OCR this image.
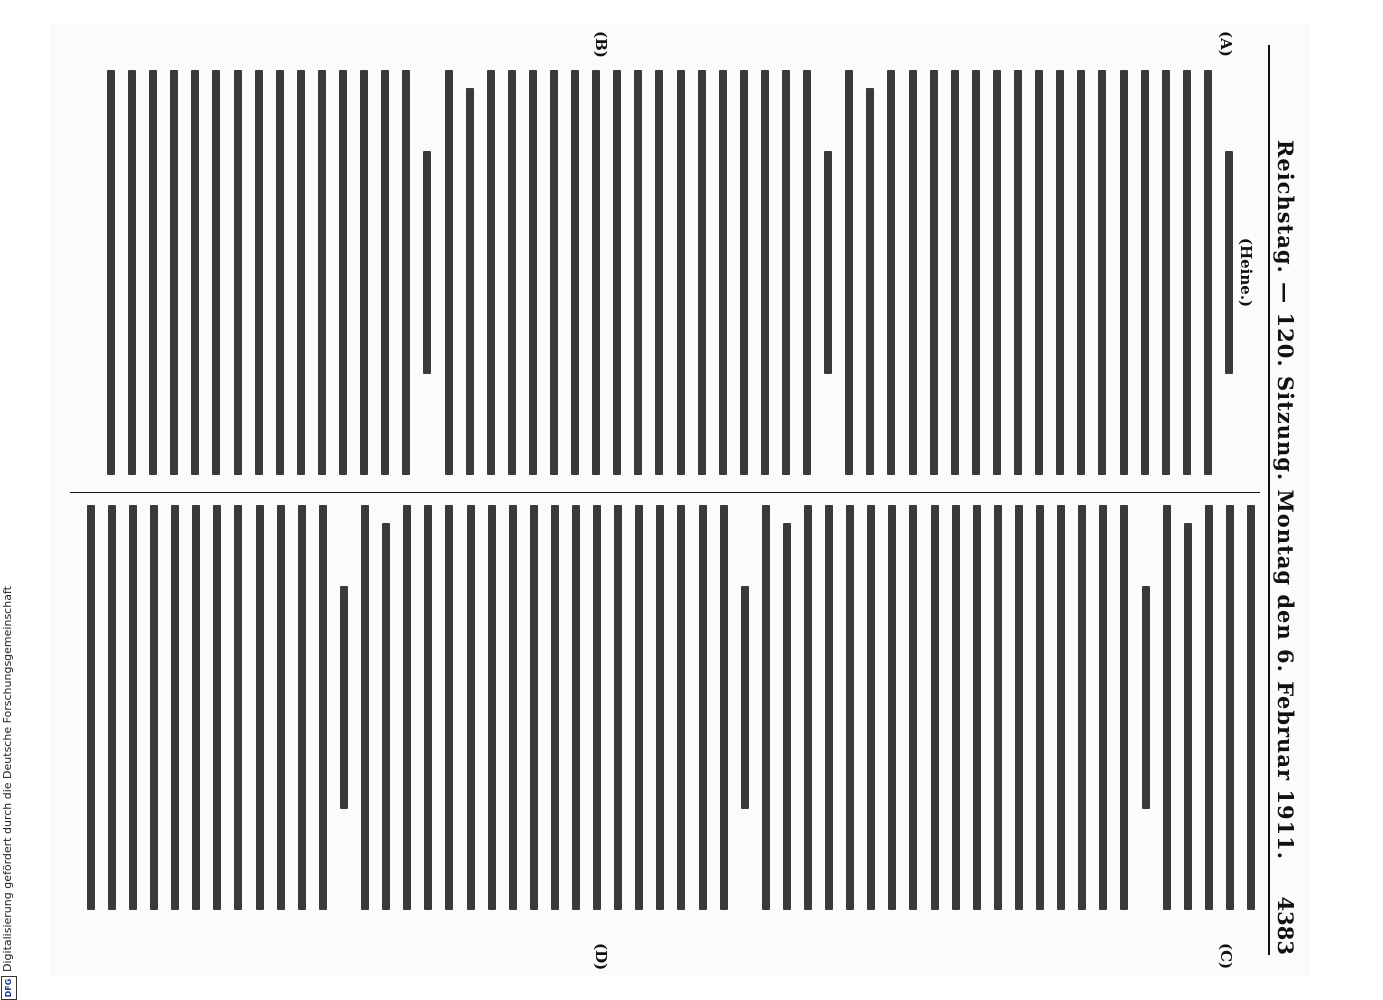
Reichstag. — 120. Sitzung. Montag den 6. Februar 1911.
4383
(A)
(B)
(C)
(D)
(Heine.)
DFG
Digitalisierung gefördert durch die Deutsche Forschungsgemeinschaft
